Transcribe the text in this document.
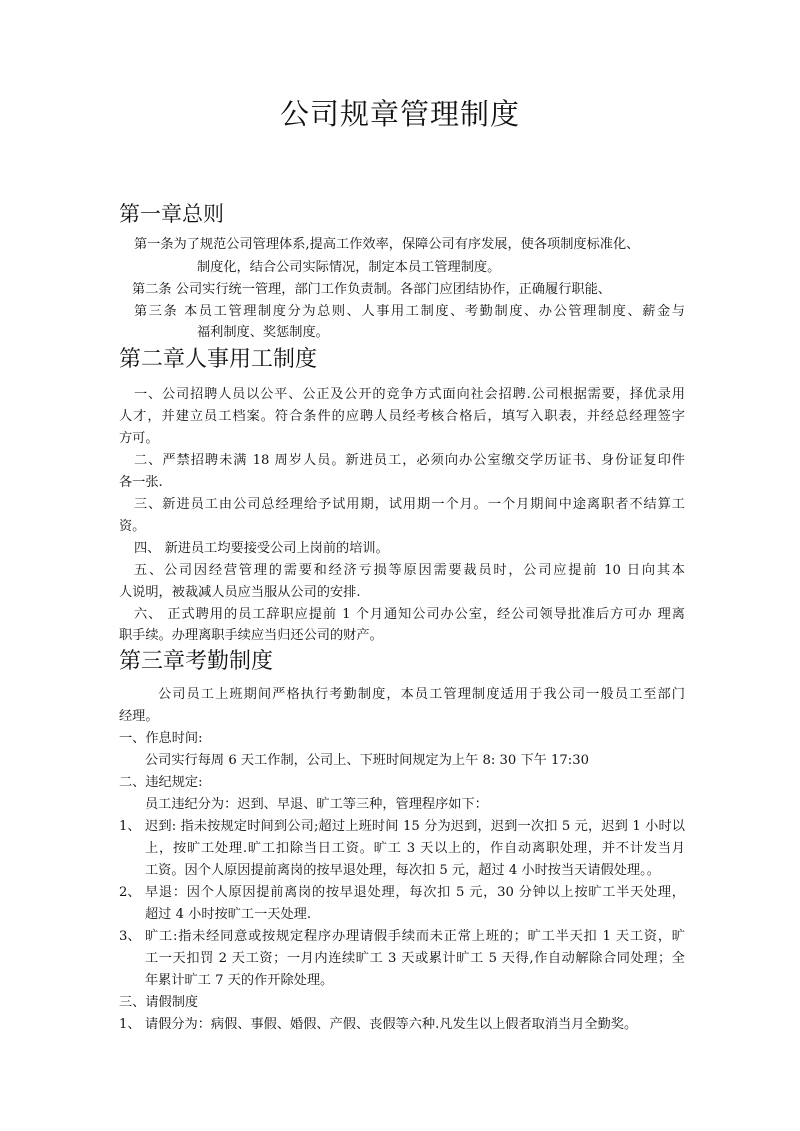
公司规章管理制度
第一章总则

第一条为了规范公司管理体系,提高工作效率，保障公司有序发展，使各项制度标准化、

制度化，结合公司实际情况，制定本员工管理制度。

第二条 公司实行统一管理，部门工作负责制。各部门应团结协作，正确履行职能、

第三条 本员工管理制度分为总则、人事用工制度、考勤制度、办公管理制度、薪金与

福利制度、奖惩制度。

第二章人事用工制度

一、公司招聘人员以公平、公正及公开的竞争方式面向社会招聘.公司根据需要，择优录用

人才，并建立员工档案。符合条件的应聘人员经考核合格后，填写入职表，并经总经理签字

方可。

二、严禁招聘未满 18 周岁人员。新进员工，必须向办公室缴交学历证书、身份证复印件

各一张.

三、新进员工由公司总经理给予试用期，试用期一个月。一个月期间中途离职者不结算工

资。

四、 新进员工均要接受公司上岗前的培训。

五、公司因经营管理的需要和经济亏损等原因需要裁员时，公司应提前 10 日向其本

人说明，被裁减人员应当服从公司的安排.

六、 正式聘用的员工辞职应提前 1 个月通知公司办公室，经公司领导批准后方可办 理离

职手续。办理离职手续应当归还公司的财产。

第三章考勤制度

公司员工上班期间严格执行考勤制度，本员工管理制度适用于我公司一般员工至部门

经理。

一、作息时间:

公司实行每周 6 天工作制，公司上、下班时间规定为上午 8: 30 下午 17:30

二、违纪规定:

员工违纪分为：迟到、早退、旷工等三种，管理程序如下：

1、 迟到: 指未按规定时间到公司;超过上班时间 15 分为迟到，迟到一次扣 5 元，迟到 1 小时以

上，按旷工处理.旷工扣除当日工资。旷工 3 天以上的，作自动离职处理，并不计发当月

工资。因个人原因提前离岗的按早退处理，每次扣 5 元，超过 4 小时按当天请假处理。。

2、 早退：因个人原因提前离岗的按早退处理，每次扣 5 元，30 分钟以上按旷工半天处理，

超过 4 小时按旷工一天处理.

3、 旷工:指未经同意或按规定程序办理请假手续而未正常上班的；旷工半天扣 1 天工资，旷

工一天扣罚 2 天工资；一月内连续旷工 3 天或累计旷工 5 天得,作自动解除合同处理；全

年累计旷工 7 天的作开除处理。

三、请假制度

1、 请假分为：病假、事假、婚假、产假、丧假等六种.凡发生以上假者取消当月全勤奖。
